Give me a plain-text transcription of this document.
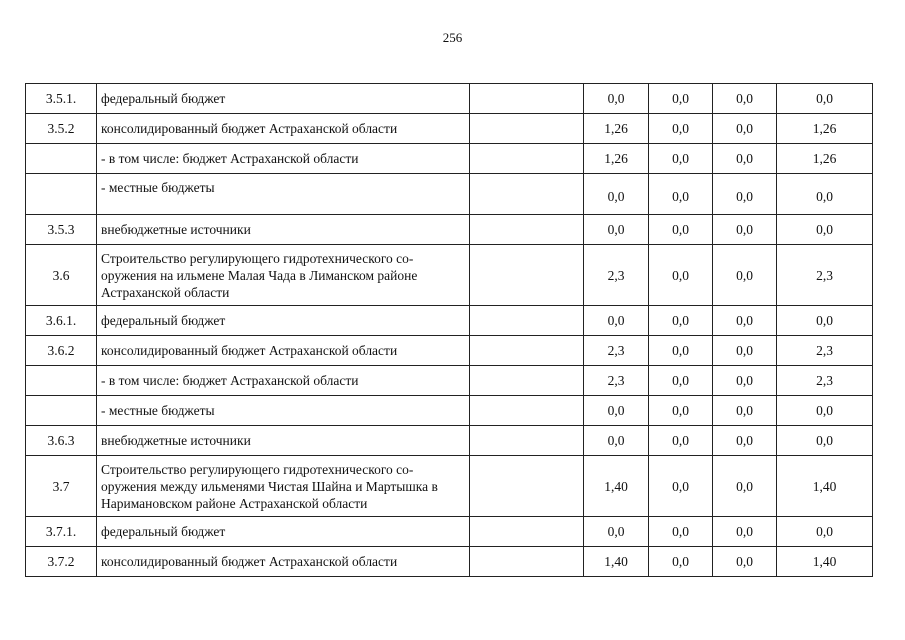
256
3.5.1.	федеральный бюджет		0,0	0,0	0,0	0,0
3.5.2	консолидированный бюджет Астраханской области		1,26	0,0	0,0	1,26
	- в том числе: бюджет Астраханской области		1,26	0,0	0,0	1,26
	- местные бюджеты		0,0	0,0	0,0	0,0
3.5.3	внебюджетные источники		0,0	0,0	0,0	0,0
3.6	Строительство регулирующего гидротехнического со-оружения на ильмене Малая Чада в Лиманском районе Астраханской области		2,3	0,0	0,0	2,3
3.6.1.	федеральный бюджет		0,0	0,0	0,0	0,0
3.6.2	консолидированный бюджет Астраханской области		2,3	0,0	0,0	2,3
	- в том числе: бюджет Астраханской области		2,3	0,0	0,0	2,3
	- местные бюджеты		0,0	0,0	0,0	0,0
3.6.3	внебюджетные источники		0,0	0,0	0,0	0,0
3.7	Строительство регулирующего гидротехнического со-оружения между ильменями Чистая Шайна и Мартышка в Наримановском районе Астраханской области		1,40	0,0	0,0	1,40
3.7.1.	федеральный бюджет		0,0	0,0	0,0	0,0
3.7.2	консолидированный бюджет Астраханской области		1,40	0,0	0,0	1,40
